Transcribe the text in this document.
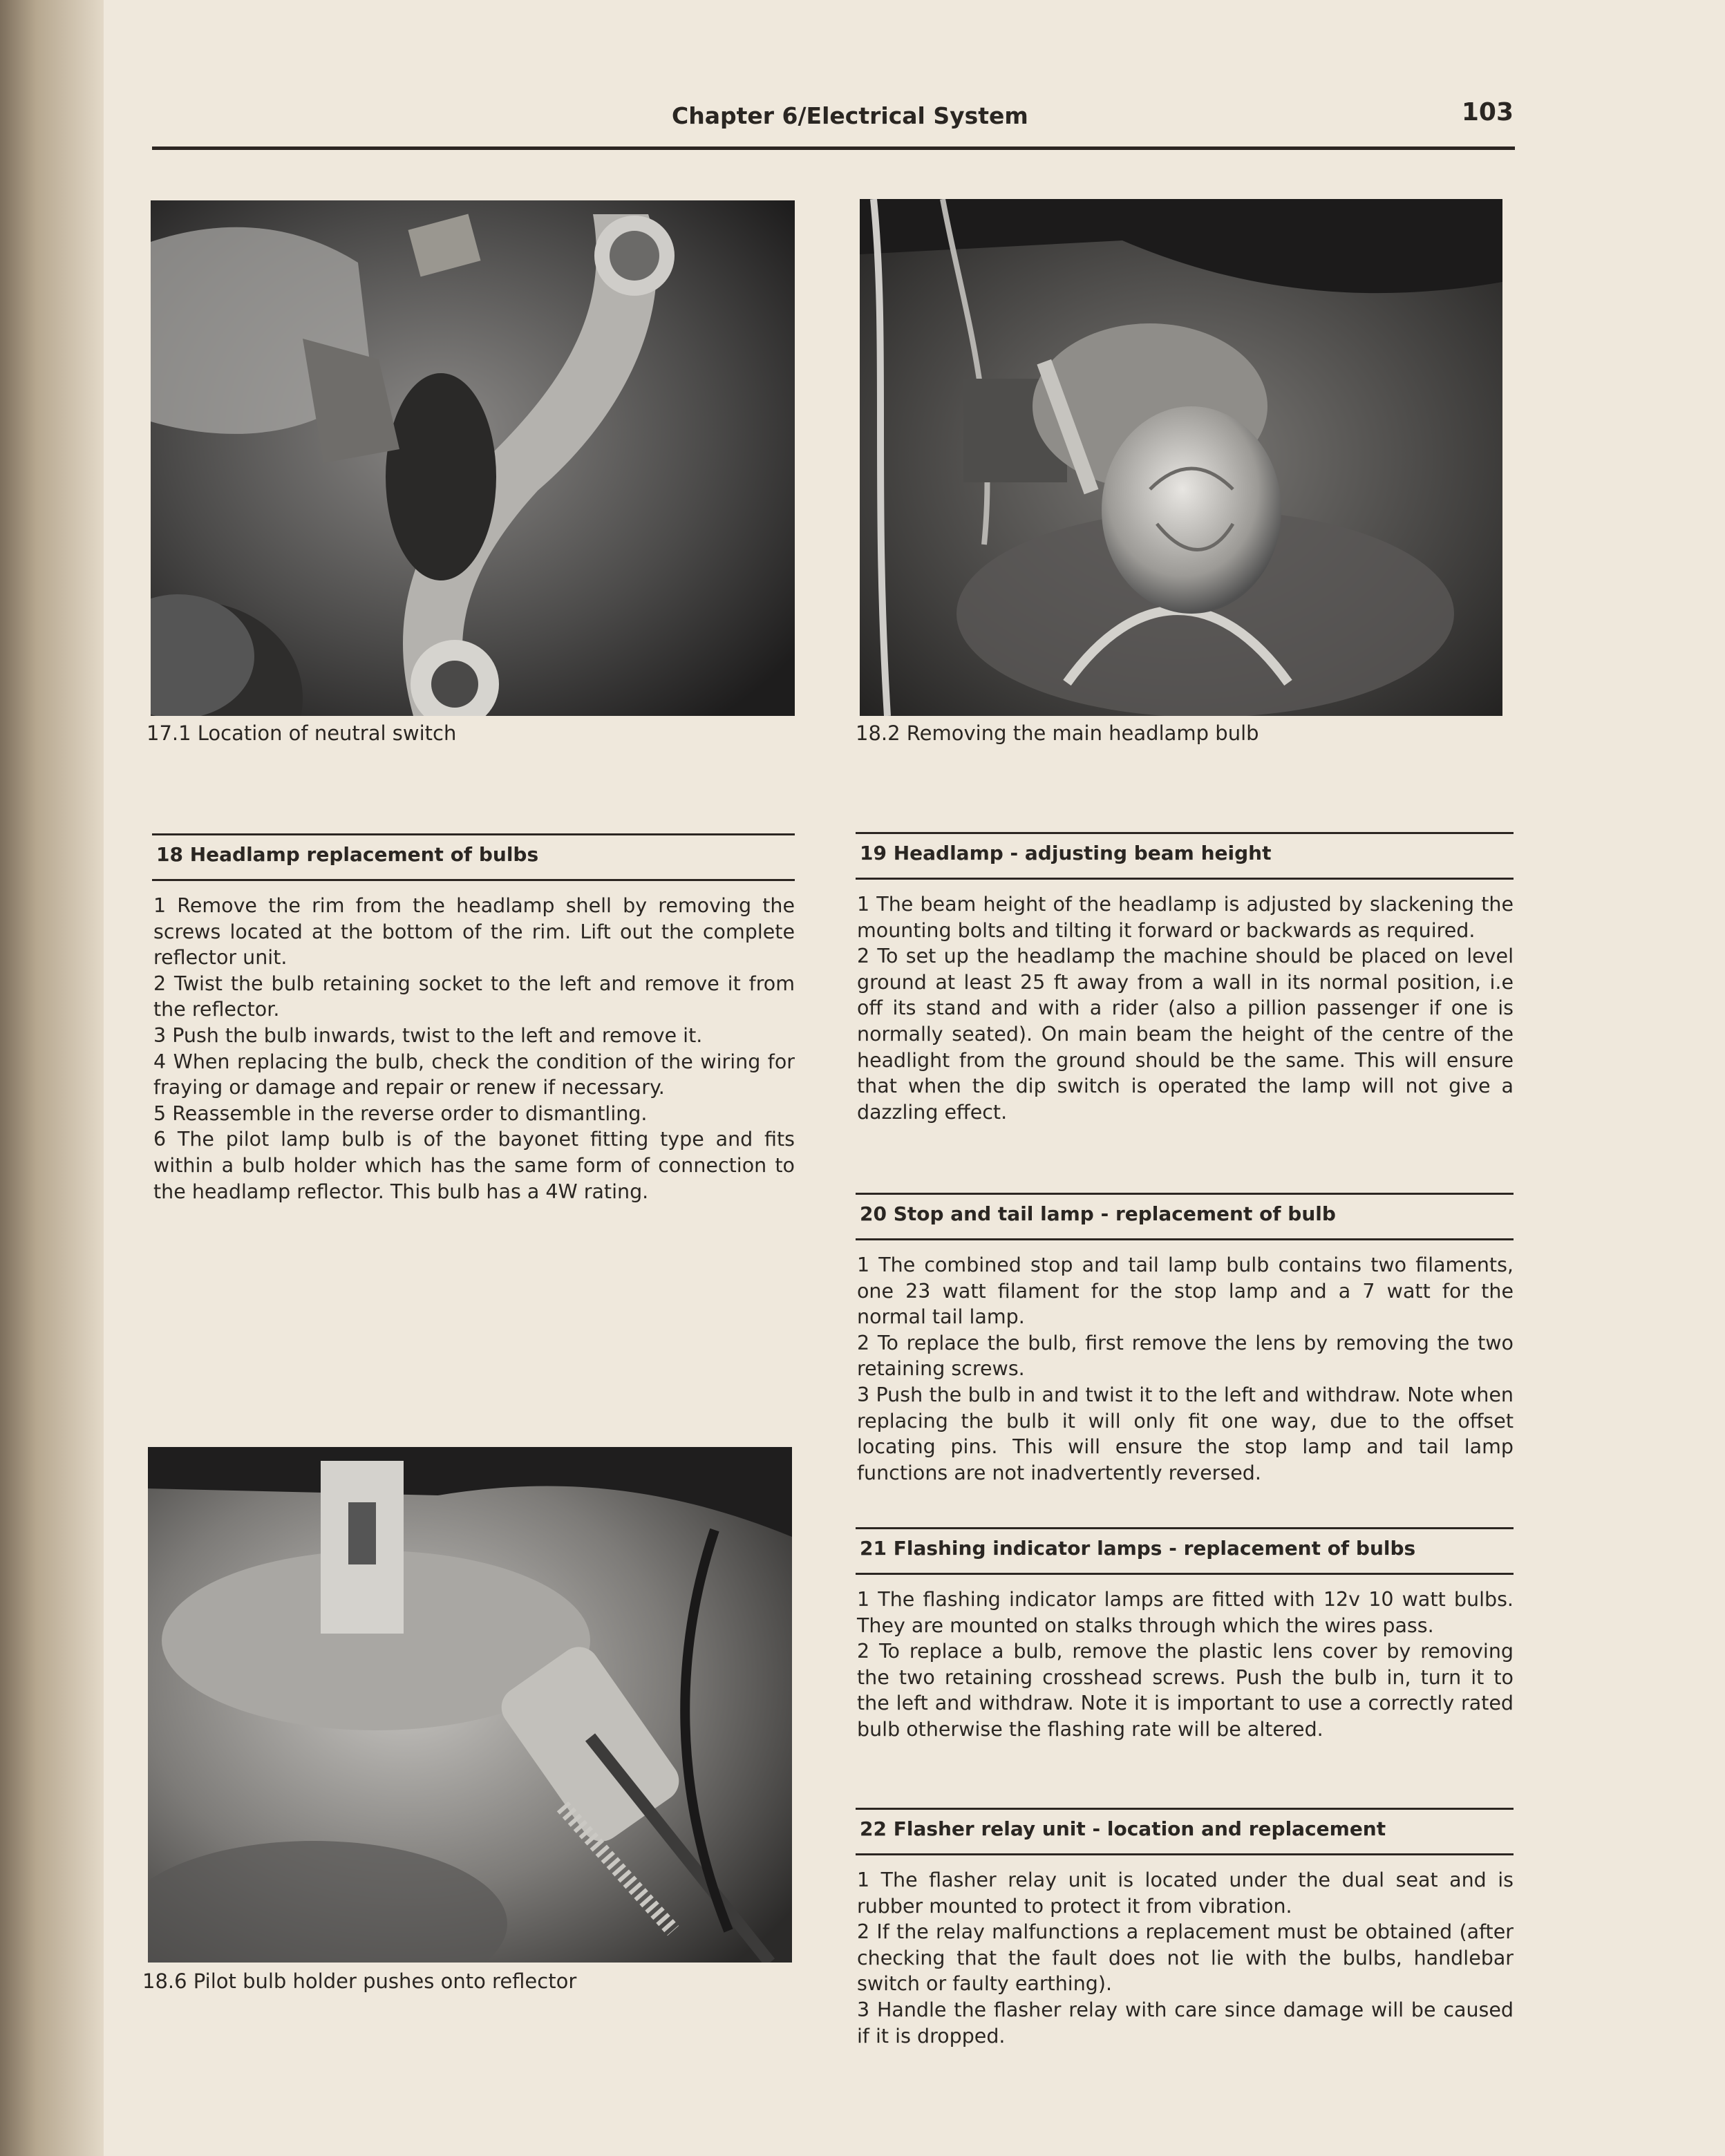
Chapter 6/Electrical System	103
17.1 Location of neutral switch	18.2 Removing the main headlamp bulb
18.6 Pilot bulb holder pushes onto reflector
18 Headlamp replacement of bulbs

1 Remove the rim from the headlamp shell by removing the screws located at the bottom of the rim. Lift out the complete reflector unit.

2 Twist the bulb retaining socket to the left and remove it from the reflector.

3 Push the bulb inwards, twist to the left and remove it.

4 When replacing the bulb, check the condition of the wiring for fraying or damage and repair or renew if necessary.

5 Reassemble in the reverse order to dismantling.

6 The pilot lamp bulb is of the bayonet fitting type and fits within a bulb holder which has the same form of connection to the headlamp reflector. This bulb has a 4W rating.

19 Headlamp - adjusting beam height

1 The beam height of the headlamp is adjusted by slackening the mounting bolts and tilting it forward or backwards as required.

2 To set up the headlamp the machine should be placed on level ground at least 25 ft away from a wall in its normal position, i.e off its stand and with a rider (also a pillion passenger if one is normally seated). On main beam the height of the centre of the headlight from the ground should be the same. This will ensure that when the dip switch is operated the lamp will not give a dazzling effect.

20 Stop and tail lamp - replacement of bulb

1 The combined stop and tail lamp bulb contains two filaments, one 23 watt filament for the stop lamp and a 7 watt for the normal tail lamp.

2 To replace the bulb, first remove the lens by removing the two retaining screws.

3 Push the bulb in and twist it to the left and withdraw. Note when replacing the bulb it will only fit one way, due to the offset locating pins. This will ensure the stop lamp and tail lamp functions are not inadvertently reversed.

21 Flashing indicator lamps - replacement of bulbs

1 The flashing indicator lamps are fitted with 12v 10 watt bulbs. They are mounted on stalks through which the wires pass.

2 To replace a bulb, remove the plastic lens cover by removing the two retaining crosshead screws. Push the bulb in, turn it to the left and withdraw. Note it is important to use a correctly rated bulb otherwise the flashing rate will be altered.

22 Flasher relay unit - location and replacement

1 The flasher relay unit is located under the dual seat and is rubber mounted to protect it from vibration.

2 If the relay malfunctions a replacement must be obtained (after checking that the fault does not lie with the bulbs, handlebar switch or faulty earthing).

3 Handle the flasher relay with care since damage will be caused if it is dropped.
